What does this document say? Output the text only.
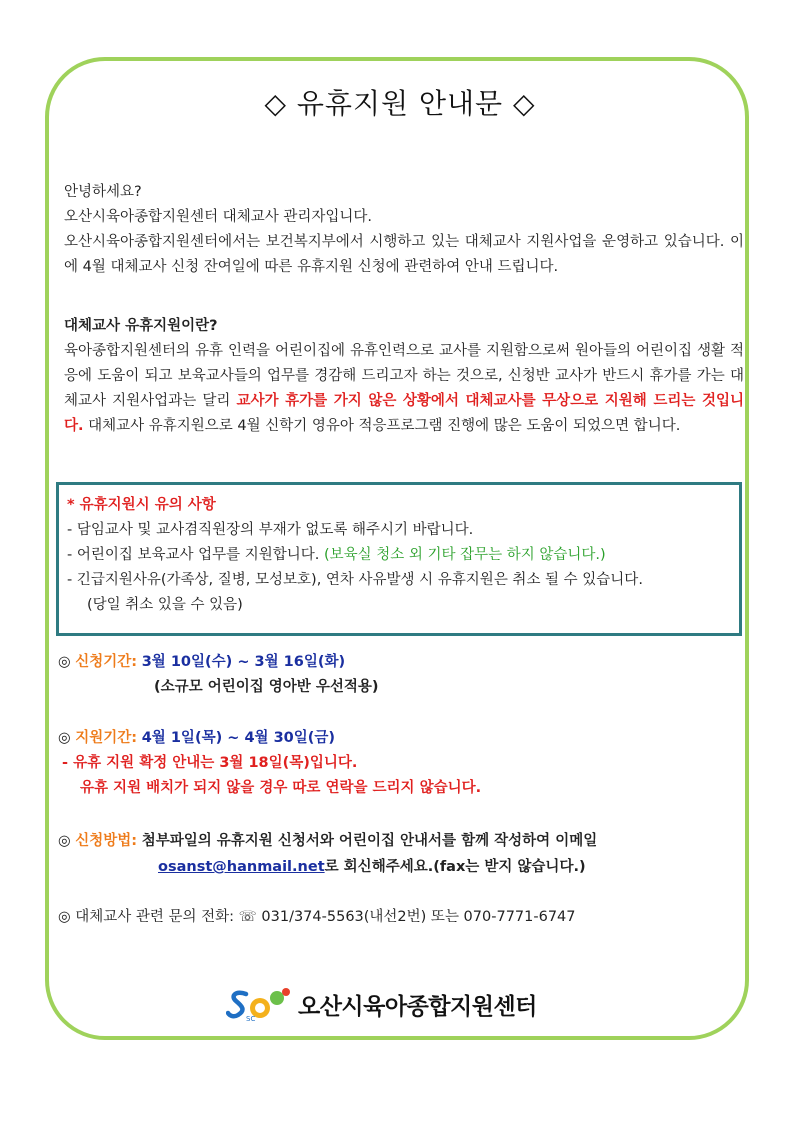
◇ 유휴지원 안내문 ◇
안녕하세요?
오산시육아종합지원센터 대체교사 관리자입니다.
오산시육아종합지원센터에서는 보건복지부에서 시행하고 있는 대체교사 지원사업을 운영하고 있습니다. 이에 4월 대체교사 신청 잔여일에 따른 유휴지원 신청에 관련하여 안내 드립니다.
대체교사 유휴지원이란?
육아종합지원센터의 유휴 인력을 어린이집에 유휴인력으로 교사를 지원함으로써 원아들의 어린이집 생활 적응에 도움이 되고 보육교사들의 업무를 경감해 드리고자 하는 것으로, 신청반 교사가 반드시 휴가를 가는 대체교사 지원사업과는 달리 교사가 휴가를 가지 않은 상황에서 대체교사를 무상으로 지원해 드리는 것입니다. 대체교사 유휴지원으로 4월 신학기 영유아 적응프로그램 진행에 많은 도움이 되었으면 합니다.
* 유휴지원시 유의 사항
- 담임교사 및 교사겸직원장의 부재가 없도록 해주시기 바랍니다.
- 어린이집 보육교사 업무를 지원합니다. (보육실 청소 외 기타 잡무는 하지 않습니다.)
- 긴급지원사유(가족상, 질병, 모성보호), 연차 사유발생 시 유휴지원은 취소 될 수 있습니다.
(당일 취소 있을 수 있음)
◎ 신청기간: 3월 10일(수) ~ 3월 16일(화)
(소규모 어린이집 영아반 우선적용)
◎ 지원기간: 4월 1일(목) ~ 4월 30일(금)
- 유휴 지원 확정 안내는 3월 18일(목)입니다.
유휴 지원 배치가 되지 않을 경우 따로 연락을 드리지 않습니다.
◎ 신청방법: 첨부파일의 유휴지원 신청서와 어린이집 안내서를 함께 작성하여 이메일
osanst@hanmail.net로 회신해주세요.(fax는 받지 않습니다.)
◎ 대체교사 관련 문의 전화: ☏ 031/374-5563(내선2번) 또는 070-7771-6747
SC 오산시육아종합지원센터
